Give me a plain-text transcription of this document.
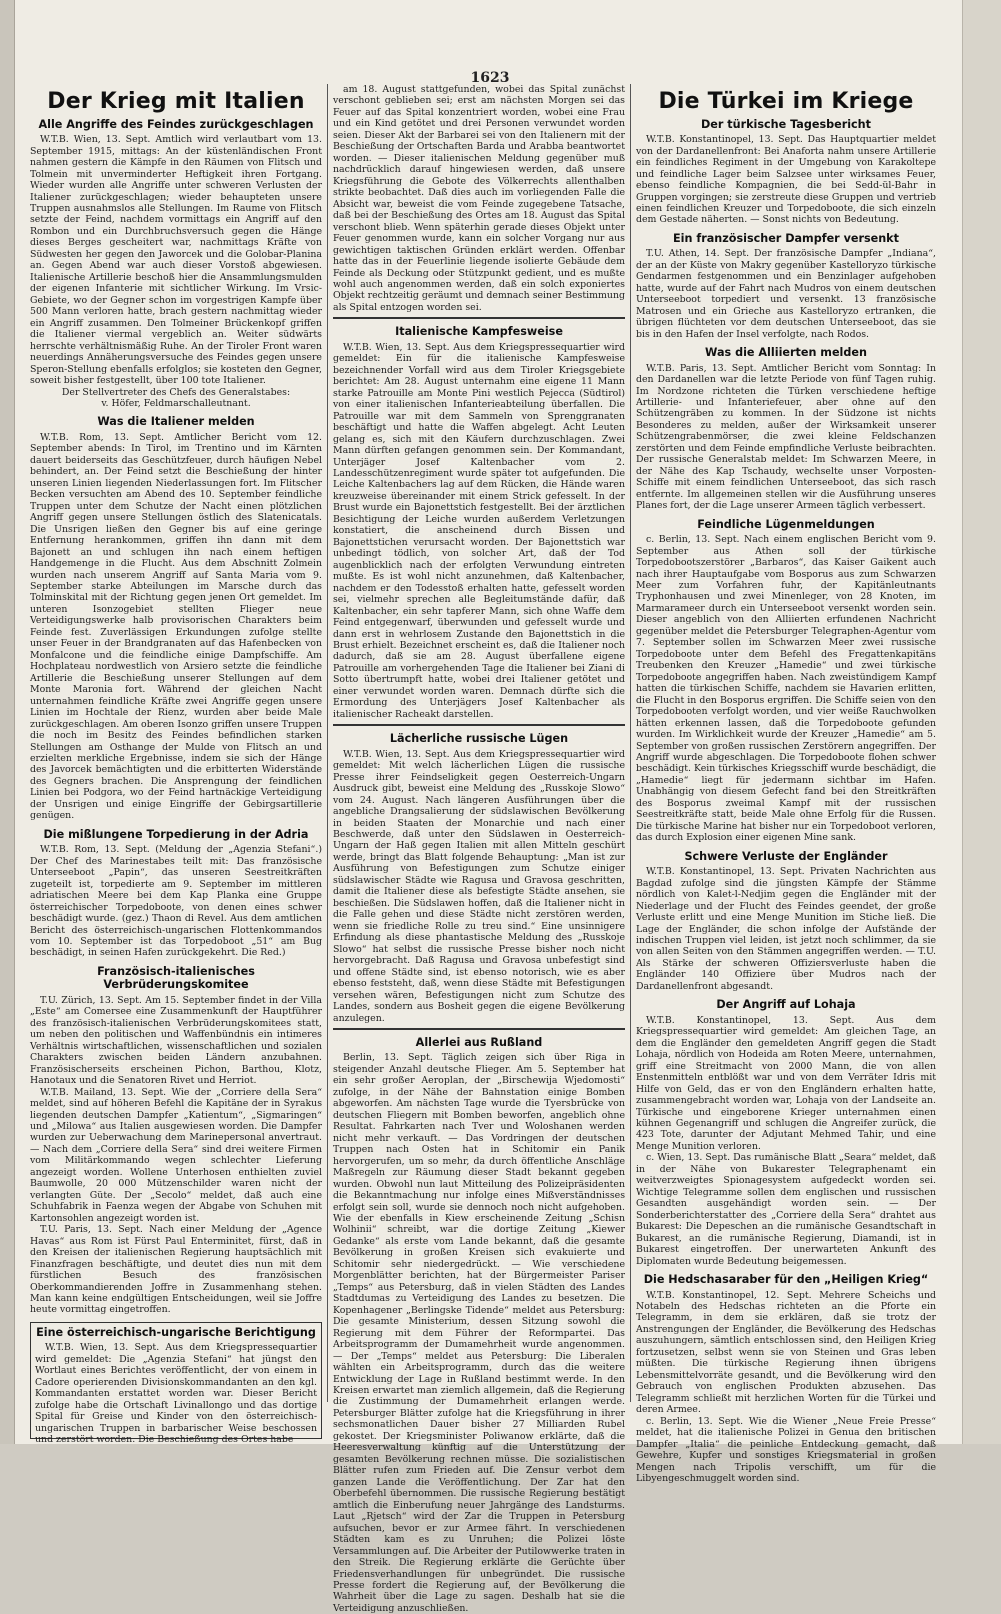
1623
Der Krieg mit Italien
Alle Angriffe des Feindes zurückgeschlagen

W.T.B. Wien, 13. Sept. Amtlich wird verlautbart vom 13. September 1915, mittags: An der küstenländischen Front nahmen gestern die Kämpfe in den Räumen von Flitsch und Tolmein mit unverminderter Heftigkeit ihren Fortgang. Wieder wurden alle Angriffe unter schweren Verlusten der Italiener zurückgeschlagen; wieder behaupteten unsere Truppen ausnahmslos alle Stellungen. Im Raume von Flitsch setzte der Feind, nachdem vormittags ein Angriff auf den Rombon und ein Durchbruchsversuch gegen die Hänge dieses Berges gescheitert war, nachmittags Kräfte von Südwesten her gegen den Jaworcek und die Golobar-Planina an. Gegen Abend war auch dieser Vorstoß abgewiesen. Italienische Artillerie beschoß hier die Ansammlungsmulden der eigenen Infanterie mit sichtlicher Wirkung. Im Vrsic-Gebiete, wo der Gegner schon im vorgestrigen Kampfe über 500 Mann verloren hatte, brach gestern nachmittag wieder ein Angriff zusammen. Den Tolmeiner Brückenkopf griffen die Italiener viermal vergeblich an. Weiter südwärts herrschte verhältnismäßig Ruhe. An der Tiroler Front waren neuerdings Annäherungsversuche des Feindes gegen unsere Speron-Stellung ebenfalls erfolglos; sie kosteten den Gegner, soweit bisher festgestellt, über 100 tote Italiener.

Der Stellvertreter des Chefs des Generalstabes:

v. Höfer, Feldmarschalleutnant.

Was die Italiener melden

W.T.B. Rom, 13. Sept. Amtlicher Bericht vom 12. September abends: In Tirol, im Trentino und im Kärnten dauert beiderseits das Geschützfeuer, durch häufigen Nebel behindert, an. Der Feind setzt die Beschießung der hinter unseren Linien liegenden Niederlassungen fort. Im Flitscher Becken versuchten am Abend des 10. September feindliche Truppen unter dem Schutze der Nacht einen plötzlichen Angriff gegen unsere Stellungen östlich des Slatenicatals. Die Unsrigen ließen den Gegner bis auf eine geringe Entfernung herankommen, griffen ihn dann mit dem Bajonett an und schlugen ihn nach einem heftigen Handgemenge in die Flucht. Aus dem Abschnitt Zolmein wurden nach unserem Angriff auf Santa Maria vom 9. September starke Abteilungen im Marsche durch das Tolminskital mit der Richtung gegen jenen Ort gemeldet. Im unteren Isonzogebiet stellten Flieger neue Verteidigungswerke halb provisorischen Charakters beim Feinde fest. Zuverlässigen Erkundungen zufolge stellte unser Feuer in der Brandgranaten auf das Hafenbecken von Monfalcone und die feindliche einige Dampfschiffe. Am Hochplateau nordwestlich von Arsiero setzte die feindliche Artillerie die Beschießung unserer Stellungen auf dem Monte Maronia fort. Während der gleichen Nacht unternahmen feindliche Kräfte zwei Angriffe gegen unsere Linien im Hochtale der Rienz, wurden aber beide Male zurückgeschlagen. Am oberen Isonzo griffen unsere Truppen die noch im Besitz des Feindes befindlichen starken Stellungen am Osthange der Mulde von Flitsch an und erzielten merkliche Ergebnisse, indem sie sich der Hänge des Javorcek bemächtigten und die erbitterten Widerstände des Gegners brachen. Die Ansprengung der feindlichen Linien bei Podgora, wo der Feind hartnäckige Verteidigung der Unsrigen und einige Eingriffe der Gebirgsartillerie genügen.

Die mißlungene Torpedierung in der Adria

W.T.B. Rom, 13. Sept. (Meldung der „Agenzia Stefani“.) Der Chef des Marinestabes teilt mit: Das französische Unterseeboot „Papin“, das unseren Seestreitkräften zugeteilt ist, torpedierte am 9. September im mittleren adriatischen Meere bei dem Kap Planka eine Gruppe österreichischer Torpedoboote, von denen eines schwer beschädigt wurde. (gez.) Thaon di Revel. Aus dem amtlichen Bericht des österreichisch-ungarischen Flottenkommandos vom 10. September ist das Torpedoboot „51“ am Bug beschädigt, in seinen Hafen zurückgekehrt. Die Red.)

Französisch-italienisches Verbrüderungskomitee

T.U. Zürich, 13. Sept. Am 15. September findet in der Villa „Este“ am Comersee eine Zusammenkunft der Hauptführer des französisch-italienischen Verbrüderungskomitees statt, um neben den politischen und Waffenbündnis ein intimeres Verhältnis wirtschaftlichen, wissenschaftlichen und sozialen Charakters zwischen beiden Ländern anzubahnen. Französischerseits erscheinen Pichon, Barthou, Klotz, Hanotaux und die Senatoren Rivet und Herriot.

W.T.B. Mailand, 13. Sept. Wie der „Corriere della Sera“ meldet, sind auf höheren Befehl die Kapitäne der in Syrakus liegenden deutschen Dampfer „Katientum“, „Sigmaringen“ und „Milowa“ aus Italien ausgewiesen worden. Die Dampfer wurden zur Ueberwachung dem Marinepersonal anvertraut. — Nach dem „Corriere della Sera“ sind drei weitere Firmen vom Militärkommando wegen schlechter Lieferung angezeigt worden. Wollene Unterhosen enthielten zuviel Baumwolle, 20 000 Mützenschilder waren nicht der verlangten Güte. Der „Secolo“ meldet, daß auch eine Schuhfabrik in Faenza wegen der Abgabe von Schuhen mit Kartonsohlen angezeigt worden ist.

T.U. Paris, 13. Sept. Nach einer Meldung der „Agence Havas“ aus Rom ist Fürst Paul Enterminitet, fürst, daß in den Kreisen der italienischen Regierung hauptsächlich mit Finanzfragen beschäftigte, und deutet dies nun mit dem fürstlichen Besuch des französischen Oberkommandierenden Joffre in Zusammenhang stehen. Man kann keine endgültigen Entscheidungen, weil sie Joffre heute vormittag eingetroffen.

Eine österreichisch-ungarische Berichtigung

W.T.B. Wien, 13. Sept. Aus dem Kriegspressequartier wird gemeldet: Die „Agenzia Stefani“ hat jüngst den Wortlaut eines Berichtes veröffentlicht, der von einem in Cadore operierenden Divisionskommandanten an den kgl. Kommandanten erstattet worden war. Dieser Bericht zufolge habe die Ortschaft Livinallongo und das dortige Spital für Greise und Kinder von den österreichisch-ungarischen Truppen in barbarischer Weise beschossen und zerstört worden. Die Beschießung des Ortes habe

am 18. August stattgefunden, wobei das Spital zunächst verschont geblieben sei; erst am nächsten Morgen sei das Feuer auf das Spital konzentriert worden, wobei eine Frau und ein Kind getötet und drei Personen verwundet worden seien. Dieser Akt der Barbarei sei von den Italienern mit der Beschießung der Ortschaften Barda und Arabba beantwortet worden. — Dieser italienischen Meldung gegenüber muß nachdrücklich darauf hingewiesen werden, daß unsere Kriegsführung die Gebote des Völkerrechts allenthalben strikte beobachtet. Daß dies auch im vorliegenden Falle die Absicht war, beweist die vom Feinde zugegebene Tatsache, daß bei der Beschießung des Ortes am 18. August das Spital verschont blieb. Wenn späterhin gerade dieses Objekt unter Feuer genommen wurde, kann ein solcher Vorgang nur aus gewichtigen taktischen Gründen erklärt werden. Offenbar hatte das in der Feuerlinie liegende isolierte Gebäude dem Feinde als Deckung oder Stützpunkt gedient, und es mußte wohl auch angenommen werden, daß ein solch exponiertes Objekt rechtzeitig geräumt und demnach seiner Bestimmung als Spital entzogen worden sei.

Italienische Kampfesweise

W.T.B. Wien, 13. Sept. Aus dem Kriegspressequartier wird gemeldet: Ein für die italienische Kampfesweise bezeichnender Vorfall wird aus dem Tiroler Kriegsgebiete berichtet: Am 28. August unternahm eine eigene 11 Mann starke Patrouille am Monte Pini westlich Pejecca (Südtirol) von einer italienischen Infanterieabteilung überfallen. Die Patrouille war mit dem Sammeln von Sprenggranaten beschäftigt und hatte die Waffen abgelegt. Acht Leuten gelang es, sich mit den Käufern durchzuschlagen. Zwei Mann dürften gefangen genommen sein. Der Kommandant, Unterjäger Josef Kaltenbacher vom 2. Landesschützenregiment wurde später tot aufgefunden. Die Leiche Kaltenbachers lag auf dem Rücken, die Hände waren kreuzweise übereinander mit einem Strick gefesselt. In der Brust wurde ein Bajonettstich festgestellt. Bei der ärztlichen Besichtigung der Leiche wurden außerdem Verletzungen konstatiert, die anscheinend durch Bissen und Bajonettstichen verursacht worden. Der Bajonettstich war unbedingt tödlich, von solcher Art, daß der Tod augenblicklich nach der erfolgten Verwundung eintreten mußte. Es ist wohl nicht anzunehmen, daß Kaltenbacher, nachdem er den Todesstoß erhalten hatte, gefesselt worden sei, vielmehr sprechen alle Begleitumstände dafür, daß Kaltenbacher, ein sehr tapferer Mann, sich ohne Waffe dem Feind entgegenwarf, überwunden und gefesselt wurde und dann erst in wehrlosem Zustande den Bajonettstich in die Brust erhielt. Bezeichnet erscheint es, daß die Italiener noch dadurch, daß sie am 28. August überfallene eigene Patrouille am vorhergehenden Tage die Italiener bei Ziani di Sotto übertrumpft hatte, wobei drei Italiener getötet und einer verwundet worden waren. Demnach dürfte sich die Ermordung des Unterjägers Josef Kaltenbacher als italienischer Racheakt darstellen.

Lächerliche russische Lügen

W.T.B. Wien, 13. Sept. Aus dem Kriegspressequartier wird gemeldet: Mit welch lächerlichen Lügen die russische Presse ihrer Feindseligkeit gegen Oesterreich-Ungarn Ausdruck gibt, beweist eine Meldung des „Russkoje Slowo“ vom 24. August. Nach längeren Ausführungen über die angebliche Drangsalierung der südslawischen Bevölkerung in beiden Staaten der Monarchie und nach einer Beschwerde, daß unter den Südslawen in Oesterreich-Ungarn der Haß gegen Italien mit allen Mitteln geschürt werde, bringt das Blatt folgende Behauptung: „Man ist zur Ausführung von Befestigungen zum Schutze einiger südslawischer Städte wie Ragusa und Gravosa geschritten, damit die Italiener diese als befestigte Städte ansehen, sie beschießen. Die Südslawen hoffen, daß die Italiener nicht in die Falle gehen und diese Städte nicht zerstören werden, wenn sie friedliche Rolle zu treu sind.“ Eine unsinnigere Erfindung als diese phantastische Meldung des „Russkoje Slowo“ hat selbst die russische Presse bisher noch nicht hervorgebracht. Daß Ragusa und Gravosa unbefestigt sind und offene Städte sind, ist ebenso notorisch, wie es aber ebenso feststeht, daß, wenn diese Städte mit Befestigungen versehen wären, Befestigungen nicht zum Schutze des Landes, sondern aus Bosheit gegen die eigene Bevölkerung anzulegen.

Allerlei aus Rußland

Berlin, 13. Sept. Täglich zeigen sich über Riga in steigender Anzahl deutsche Flieger. Am 5. September hat ein sehr großer Aeroplan, der „Birschewija Wjedomosti“ zufolge, in der Nähe der Bahnstation einige Bomben abgeworfen. Am nächsten Tage wurde die Tyersbrücke von deutschen Fliegern mit Bomben beworfen, angeblich ohne Resultat. Fahrkarten nach Tver und Woloshanen werden nicht mehr verkauft. — Das Vordringen der deutschen Truppen nach Osten hat in Schitomir ein Panik hervorgerufen, um so mehr, da durch öffentliche Anschläge Maßregeln zur Räumung dieser Stadt bekannt gegeben wurden. Obwohl nun laut Mitteilung des Polizeipräsidenten die Bekanntmachung nur infolge eines Mißverständnisses erfolgt sein soll, wurde sie dennoch noch nicht aufgehoben. Wie der ebenfalls in Kiew erscheinende Zeitung „Schisn Wolhinii“ schreibt, war die dortige Zeitung „Kiewer Gedanke“ als erste vom Lande bekannt, daß die gesamte Bevölkerung in großen Kreisen sich evakuierte und Schitomir sehr niedergedrückt. — Wie verschiedene Morgenblätter berichten, hat der Bürgermeister Pariser „Temps“ aus Petersburg, daß in vielen Städten des Landes Stadtdumas zu Verteidigung des Landes zu besetzen. Die Kopenhagener „Berlingske Tidende“ meldet aus Petersburg: Die gesamte Ministerium, dessen Sitzung sowohl die Regierung mit dem Führer der Reformpartei. Das Arbeitsprogramm der Dumamehrheit wurde angenommen. — Der „Temps“ meldet aus Petersburg: Die Liberalen wählten ein Arbeitsprogramm, durch das die weitere Entwicklung der Lage in Rußland bestimmt werde. In den Kreisen erwartet man ziemlich allgemein, daß die Regierung die Zustimmung der Dumamehrheit erlangen werde. Petersburger Blätter zufolge hat die Kriegsführung in ihrer sechsmonatlichen Dauer bisher 27 Milliarden Rubel gekostet. Der Kriegsminister Poliwanow erklärte, daß die Heeresverwaltung künftig auf die Unterstützung der gesamten Bevölkerung rechnen müsse. Die sozialistischen Blätter rufen zum Frieden auf. Die Zensur verbot dem ganzen Lande die Veröffentlichung. Der Zar hat den Oberbefehl übernommen. Die russische Regierung bestätigt amtlich die Einberufung neuer Jahrgänge des Landsturms. Laut „Rjetsch“ wird der Zar die Truppen in Petersburg aufsuchen, bevor er zur Armee fährt. In verschiedenen Städten kam es zu Unruhen; die Polizei löste Versammlungen auf. Die Arbeiter der Putilowwerke traten in den Streik. Die Regierung erklärte die Gerüchte über Friedensverhandlungen für unbegründet. Die russische Presse fordert die Regierung auf, der Bevölkerung die Wahrheit über die Lage zu sagen. Deshalb hat sie die Verteidigung anzuschließen.

Die Türkei im Kriege
Der türkische Tagesbericht

W.T.B. Konstantinopel, 13. Sept. Das Hauptquartier meldet von der Dardanellenfront: Bei Anaforta nahm unsere Artillerie ein feindliches Regiment in der Umgebung von Karakoltepe und feindliche Lager beim Salzsee unter wirksames Feuer, ebenso feindliche Kompagnien, die bei Sedd-ül-Bahr in Gruppen vorgingen; sie zerstreute diese Gruppen und vertrieb einen feindlichen Kreuzer und Torpedoboote, die sich einzeln dem Gestade näherten. — Sonst nichts von Bedeutung.

Ein französischer Dampfer versenkt

T.U. Athen, 14. Sept. Der französische Dampfer „Indiana“, der an der Küste von Makry gegenüber Kastelloryzo türkische Gendarmen festgenommen und ein Benzinlager aufgehoben hatte, wurde auf der Fahrt nach Mudros von einem deutschen Unterseeboot torpediert und versenkt. 13 französische Matrosen und ein Grieche aus Kastelloryzo ertranken, die übrigen flüchteten vor dem deutschen Unterseeboot, das sie bis in den Hafen der Insel verfolgte, nach Rodos.

Was die Alliierten melden

W.T.B. Paris, 13. Sept. Amtlicher Bericht vom Sonntag: In den Dardanellen war die letzte Periode von fünf Tagen ruhig. Im Nordzone richteten die Türken verschiedene heftige Artillerie- und Infanteriefeuer, aber ohne auf den Schützengräben zu kommen. In der Südzone ist nichts Besonderes zu melden, außer der Wirksamkeit unserer Schützengrabenmörser, die zwei kleine Feldschanzen zerstörten und dem Feinde empfindliche Verluste beibrachten. Der russische Generalstab meldet: Im Schwarzen Meere, in der Nähe des Kap Tschaudy, wechselte unser Vorposten-Schiffe mit einem feindlichen Unterseeboot, das sich rasch entfernte. Im allgemeinen stellen wir die Ausführung unseres Planes fort, der die Lage unserer Armeen täglich verbessert.

Feindliche Lügenmeldungen

c. Berlin, 13. Sept. Nach einem englischen Bericht vom 9. September aus Athen soll der türkische Torpedobootszerstörer „Barbaros“, das Kaiser Gaikent auch nach ihrer Hauptaufgabe vom Bosporus aus zum Schwarzen Meer zum Vorfahren fuhr, der Kapitänleutnants Tryphonhausen und zwei Minenleger, von 28 Knoten, im Marmarameer durch ein Unterseeboot versenkt worden sein. Dieser angeblich von den Alliierten erfundenen Nachricht gegenüber meldet die Petersburger Telegraphen-Agentur vom 7. September sollen im Schwarzen Meer zwei russische Torpedoboote unter dem Befehl des Fregattenkapitäns Treubenken den Kreuzer „Hamedie“ und zwei türkische Torpedoboote angegriffen haben. Nach zweistündigem Kampf hatten die türkischen Schiffe, nachdem sie Havarien erlitten, die Flucht in den Bosporus ergriffen. Die Schiffe seien von den Torpedobooten verfolgt worden, und vier weiße Rauchwolken hätten erkennen lassen, daß die Torpedoboote gefunden wurden. Im Wirklichkeit wurde der Kreuzer „Hamedie“ am 5. September von großen russischen Zerstörern angegriffen. Der Angriff wurde abgeschlagen. Die Torpedoboote flohen schwer beschädigt. Kein türkisches Kriegsschiff wurde beschädigt, die „Hamedie“ liegt für jedermann sichtbar im Hafen. Unabhängig von diesem Gefecht fand bei den Streitkräften des Bosporus zweimal Kampf mit der russischen Seestreitkräfte statt, beide Male ohne Erfolg für die Russen. Die türkische Marine hat bisher nur ein Torpedoboot verloren, das durch Explosion einer eigenen Mine sank.

Schwere Verluste der Engländer

W.T.B. Konstantinopel, 13. Sept. Privaten Nachrichten aus Bagdad zufolge sind die jüngsten Kämpfe der Stämme nördlich von Kalet-l-Nedjim gegen die Engländer mit der Niederlage und der Flucht des Feindes geendet, der große Verluste erlitt und eine Menge Munition im Stiche ließ. Die Lage der Engländer, die schon infolge der Aufstände der indischen Truppen viel leiden, ist jetzt noch schlimmer, da sie von allen Seiten von den Stämmen angegriffen werden. — T.U. Als Stärke der schweren Offiziersverluste haben die Engländer 140 Offiziere über Mudros nach der Dardanellenfront abgesandt.

Der Angriff auf Lohaja

W.T.B. Konstantinopel, 13. Sept. Aus dem Kriegspressequartier wird gemeldet: Am gleichen Tage, an dem die Engländer den gemeldeten Angriff gegen die Stadt Lohaja, nördlich von Hodeida am Roten Meere, unternahmen, griff eine Streitmacht von 2000 Mann, die von allen Enstenmitteln entblößt war und von dem Verräter Idris mit Hilfe von Geld, das er von den Engländern erhalten hatte, zusammengebracht worden war, Lohaja von der Landseite an. Türkische und eingeborene Krieger unternahmen einen kühnen Gegenangriff und schlugen die Angreifer zurück, die 423 Tote, darunter der Adjutant Mehmed Tahir, und eine Menge Munition verloren.

c. Wien, 13. Sept. Das rumänische Blatt „Seara“ meldet, daß in der Nähe von Bukarester Telegraphenamt ein weitverzweigtes Spionagesystem aufgedeckt worden sei. Wichtige Telegramme sollen dem englischen und russischen Gesandten ausgehändigt worden sein. — Der Sonderberichterstatter des „Corriere della Sera“ drahtet aus Bukarest: Die Depeschen an die rumänische Gesandtschaft in Bukarest, an die rumänische Regierung, Diamandi, ist in Bukarest eingetroffen. Der unerwarteten Ankunft des Diplomaten wurde Bedeutung beigemessen.

Die Hedschasaraber für den „Heiligen Krieg“

W.T.B. Konstantinopel, 12. Sept. Mehrere Scheichs und Notabeln des Hedschas richteten an die Pforte ein Telegramm, in dem sie erklären, daß sie trotz der Anstrengungen der Engländer, die Bevölkerung des Hedschas auszuhungern, sämtlich entschlossen sind, den Heiligen Krieg fortzusetzen, selbst wenn sie von Steinen und Gras leben müßten. Die türkische Regierung ihnen übrigens Lebensmittelvorräte gesandt, und die Bevölkerung wird den Gebrauch von englischen Produkten abzusehen. Das Telegramm schließt mit herzlichen Worten für die Türkei und deren Armee.

c. Berlin, 13. Sept. Wie die Wiener „Neue Freie Presse“ meldet, hat die italienische Polizei in Genua den britischen Dampfer „Italia“ die peinliche Entdeckung gemacht, daß Gewehre, Kupfer und sonstiges Kriegsmaterial in großen Mengen nach Tripolis verschifft, um für die Libyengeschmuggelt worden sind.
